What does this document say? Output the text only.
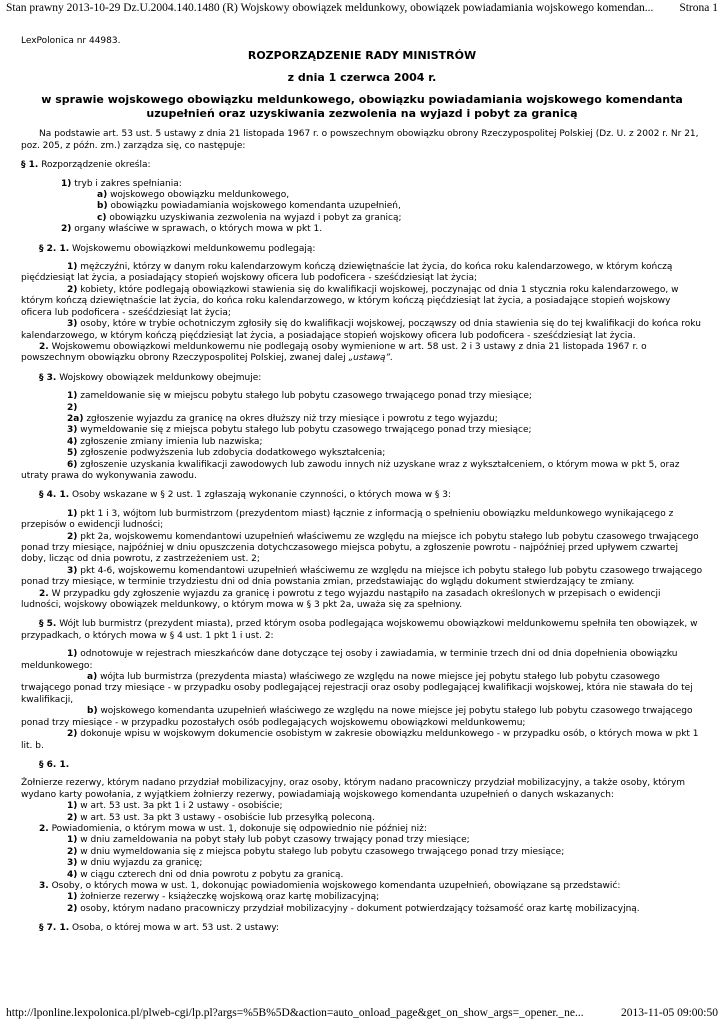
Stan prawny 2013-10-29 Dz.U.2004.140.1480 (R) Wojskowy obowiązek meldunkowy, obowiązek powiadamiania wojskowego komendan... Strona 1

LexPolonica nr 44983.

ROZPORZĄDZENIE RADY MINISTRÓW

z dnia 1 czerwca 2004 r.

w sprawie wojskowego obowiązku meldunkowego, obowiązku powiadamiania wojskowego komendanta uzupełnień oraz uzyskiwania zezwolenia na wyjazd i pobyt za granicą

Na podstawie art. 53 ust. 5 ustawy z dnia 21 listopada 1967 r. o powszechnym obowiązku obrony Rzeczypospolitej Polskiej (Dz. U. z 2002 r. Nr 21, poz. 205, z późn. zm.) zarządza się, co następuje:

§ 1. Rozporządzenie określa:

1) tryb i zakres spełniania:

a) wojskowego obowiązku meldunkowego,

b) obowiązku powiadamiania wojskowego komendanta uzupełnień,

c) obowiązku uzyskiwania zezwolenia na wyjazd i pobyt za granicą;

2) organy właściwe w sprawach, o których mowa w pkt 1.

§ 2. 1. Wojskowemu obowiązkowi meldunkowemu podlegają:

1) mężczyźni, którzy w danym roku kalendarzowym kończą dziewiętnaście lat życia, do końca roku kalendarzowego, w którym kończą pięćdziesiąt lat życia, a posiadający stopień wojskowy oficera lub podoficera - sześćdziesiąt lat życia;

2) kobiety, które podlegają obowiązkowi stawienia się do kwalifikacji wojskowej, poczynając od dnia 1 stycznia roku kalendarzowego, w którym kończą dziewiętnaście lat życia, do końca roku kalendarzowego, w którym kończą pięćdziesiąt lat życia, a posiadające stopień wojskowy oficera lub podoficera - sześćdziesiąt lat życia;

3) osoby, które w trybie ochotniczym zgłosiły się do kwalifikacji wojskowej, począwszy od dnia stawienia się do tej kwalifikacji do końca roku kalendarzowego, w którym kończą pięćdziesiąt lat życia, a posiadające stopień wojskowy oficera lub podoficera - sześćdziesiąt lat życia.

2. Wojskowemu obowiązkowi meldunkowemu nie podlegają osoby wymienione w art. 58 ust. 2 i 3 ustawy z dnia 21 listopada 1967 r. o powszechnym obowiązku obrony Rzeczypospolitej Polskiej, zwanej dalej „ustawą”.

§ 3. Wojskowy obowiązek meldunkowy obejmuje:

1) zameldowanie się w miejscu pobytu stałego lub pobytu czasowego trwającego ponad trzy miesiące;

2)

2a) zgłoszenie wyjazdu za granicę na okres dłuższy niż trzy miesiące i powrotu z tego wyjazdu;

3) wymeldowanie się z miejsca pobytu stałego lub pobytu czasowego trwającego ponad trzy miesiące;

4) zgłoszenie zmiany imienia lub nazwiska;

5) zgłoszenie podwyższenia lub zdobycia dodatkowego wykształcenia;

6) zgłoszenie uzyskania kwalifikacji zawodowych lub zawodu innych niż uzyskane wraz z wykształceniem, o którym mowa w pkt 5, oraz utraty prawa do wykonywania zawodu.

§ 4. 1. Osoby wskazane w § 2 ust. 1 zgłaszają wykonanie czynności, o których mowa w § 3:

1) pkt 1 i 3, wójtom lub burmistrzom (prezydentom miast) łącznie z informacją o spełnieniu obowiązku meldunkowego wynikającego z przepisów o ewidencji ludności;

2) pkt 2a, wojskowemu komendantowi uzupełnień właściwemu ze względu na miejsce ich pobytu stałego lub pobytu czasowego trwającego ponad trzy miesiące, najpóźniej w dniu opuszczenia dotychczasowego miejsca pobytu, a zgłoszenie powrotu - najpóźniej przed upływem czwartej doby, licząc od dnia powrotu, z zastrzeżeniem ust. 2;

3) pkt 4-6, wojskowemu komendantowi uzupełnień właściwemu ze względu na miejsce ich pobytu stałego lub pobytu czasowego trwającego ponad trzy miesiące, w terminie trzydziestu dni od dnia powstania zmian, przedstawiając do wglądu dokument stwierdzający te zmiany.

2. W przypadku gdy zgłoszenie wyjazdu za granicę i powrotu z tego wyjazdu nastąpiło na zasadach określonych w przepisach o ewidencji ludności, wojskowy obowiązek meldunkowy, o którym mowa w § 3 pkt 2a, uważa się za spełniony.

§ 5. Wójt lub burmistrz (prezydent miasta), przed którym osoba podlegająca wojskowemu obowiązkowi meldunkowemu spełniła ten obowiązek, w przypadkach, o których mowa w § 4 ust. 1 pkt 1 i ust. 2:

1) odnotowuje w rejestrach mieszkańców dane dotyczące tej osoby i zawiadamia, w terminie trzech dni od dnia dopełnienia obowiązku meldunkowego:

a) wójta lub burmistrza (prezydenta miasta) właściwego ze względu na nowe miejsce jej pobytu stałego lub pobytu czasowego trwającego ponad trzy miesiące - w przypadku osoby podlegającej rejestracji oraz osoby podlegającej kwalifikacji wojskowej, która nie stawała do tej kwalifikacji,

b) wojskowego komendanta uzupełnień właściwego ze względu na nowe miejsce jej pobytu stałego lub pobytu czasowego trwającego ponad trzy miesiące - w przypadku pozostałych osób podlegających wojskowemu obowiązkowi meldunkowemu;

2) dokonuje wpisu w wojskowym dokumencie osobistym w zakresie obowiązku meldunkowego - w przypadku osób, o których mowa w pkt 1 lit. b.

§ 6. 1.

Żołnierze rezerwy, którym nadano przydział mobilizacyjny, oraz osoby, którym nadano pracowniczy przydział mobilizacyjny, a także osoby, którym wydano karty powołania, z wyjątkiem żołnierzy rezerwy, powiadamiają wojskowego komendanta uzupełnień o danych wskazanych:

1) w art. 53 ust. 3a pkt 1 i 2 ustawy - osobiście;

2) w art. 53 ust. 3a pkt 3 ustawy - osobiście lub przesyłką poleconą.

2. Powiadomienia, o którym mowa w ust. 1, dokonuje się odpowiednio nie później niż:

1) w dniu zameldowania na pobyt stały lub pobyt czasowy trwający ponad trzy miesiące;

2) w dniu wymeldowania się z miejsca pobytu stałego lub pobytu czasowego trwającego ponad trzy miesiące;

3) w dniu wyjazdu za granicę;

4) w ciągu czterech dni od dnia powrotu z pobytu za granicą.

3. Osoby, o których mowa w ust. 1, dokonując powiadomienia wojskowego komendanta uzupełnień, obowiązane są przedstawić:

1) żołnierze rezerwy - książeczkę wojskową oraz kartę mobilizacyjną;

2) osoby, którym nadano pracowniczy przydział mobilizacyjny - dokument potwierdzający tożsamość oraz kartę mobilizacyjną.

§ 7. 1. Osoba, o której mowa w art. 53 ust. 2 ustawy:

http://lponline.lexpolonica.pl/plweb-cgi/lp.pl?args=%5B%5D&action=auto_onload_page&get_on_show_args=_opener._ne...	2013-11-05 09:00:50
